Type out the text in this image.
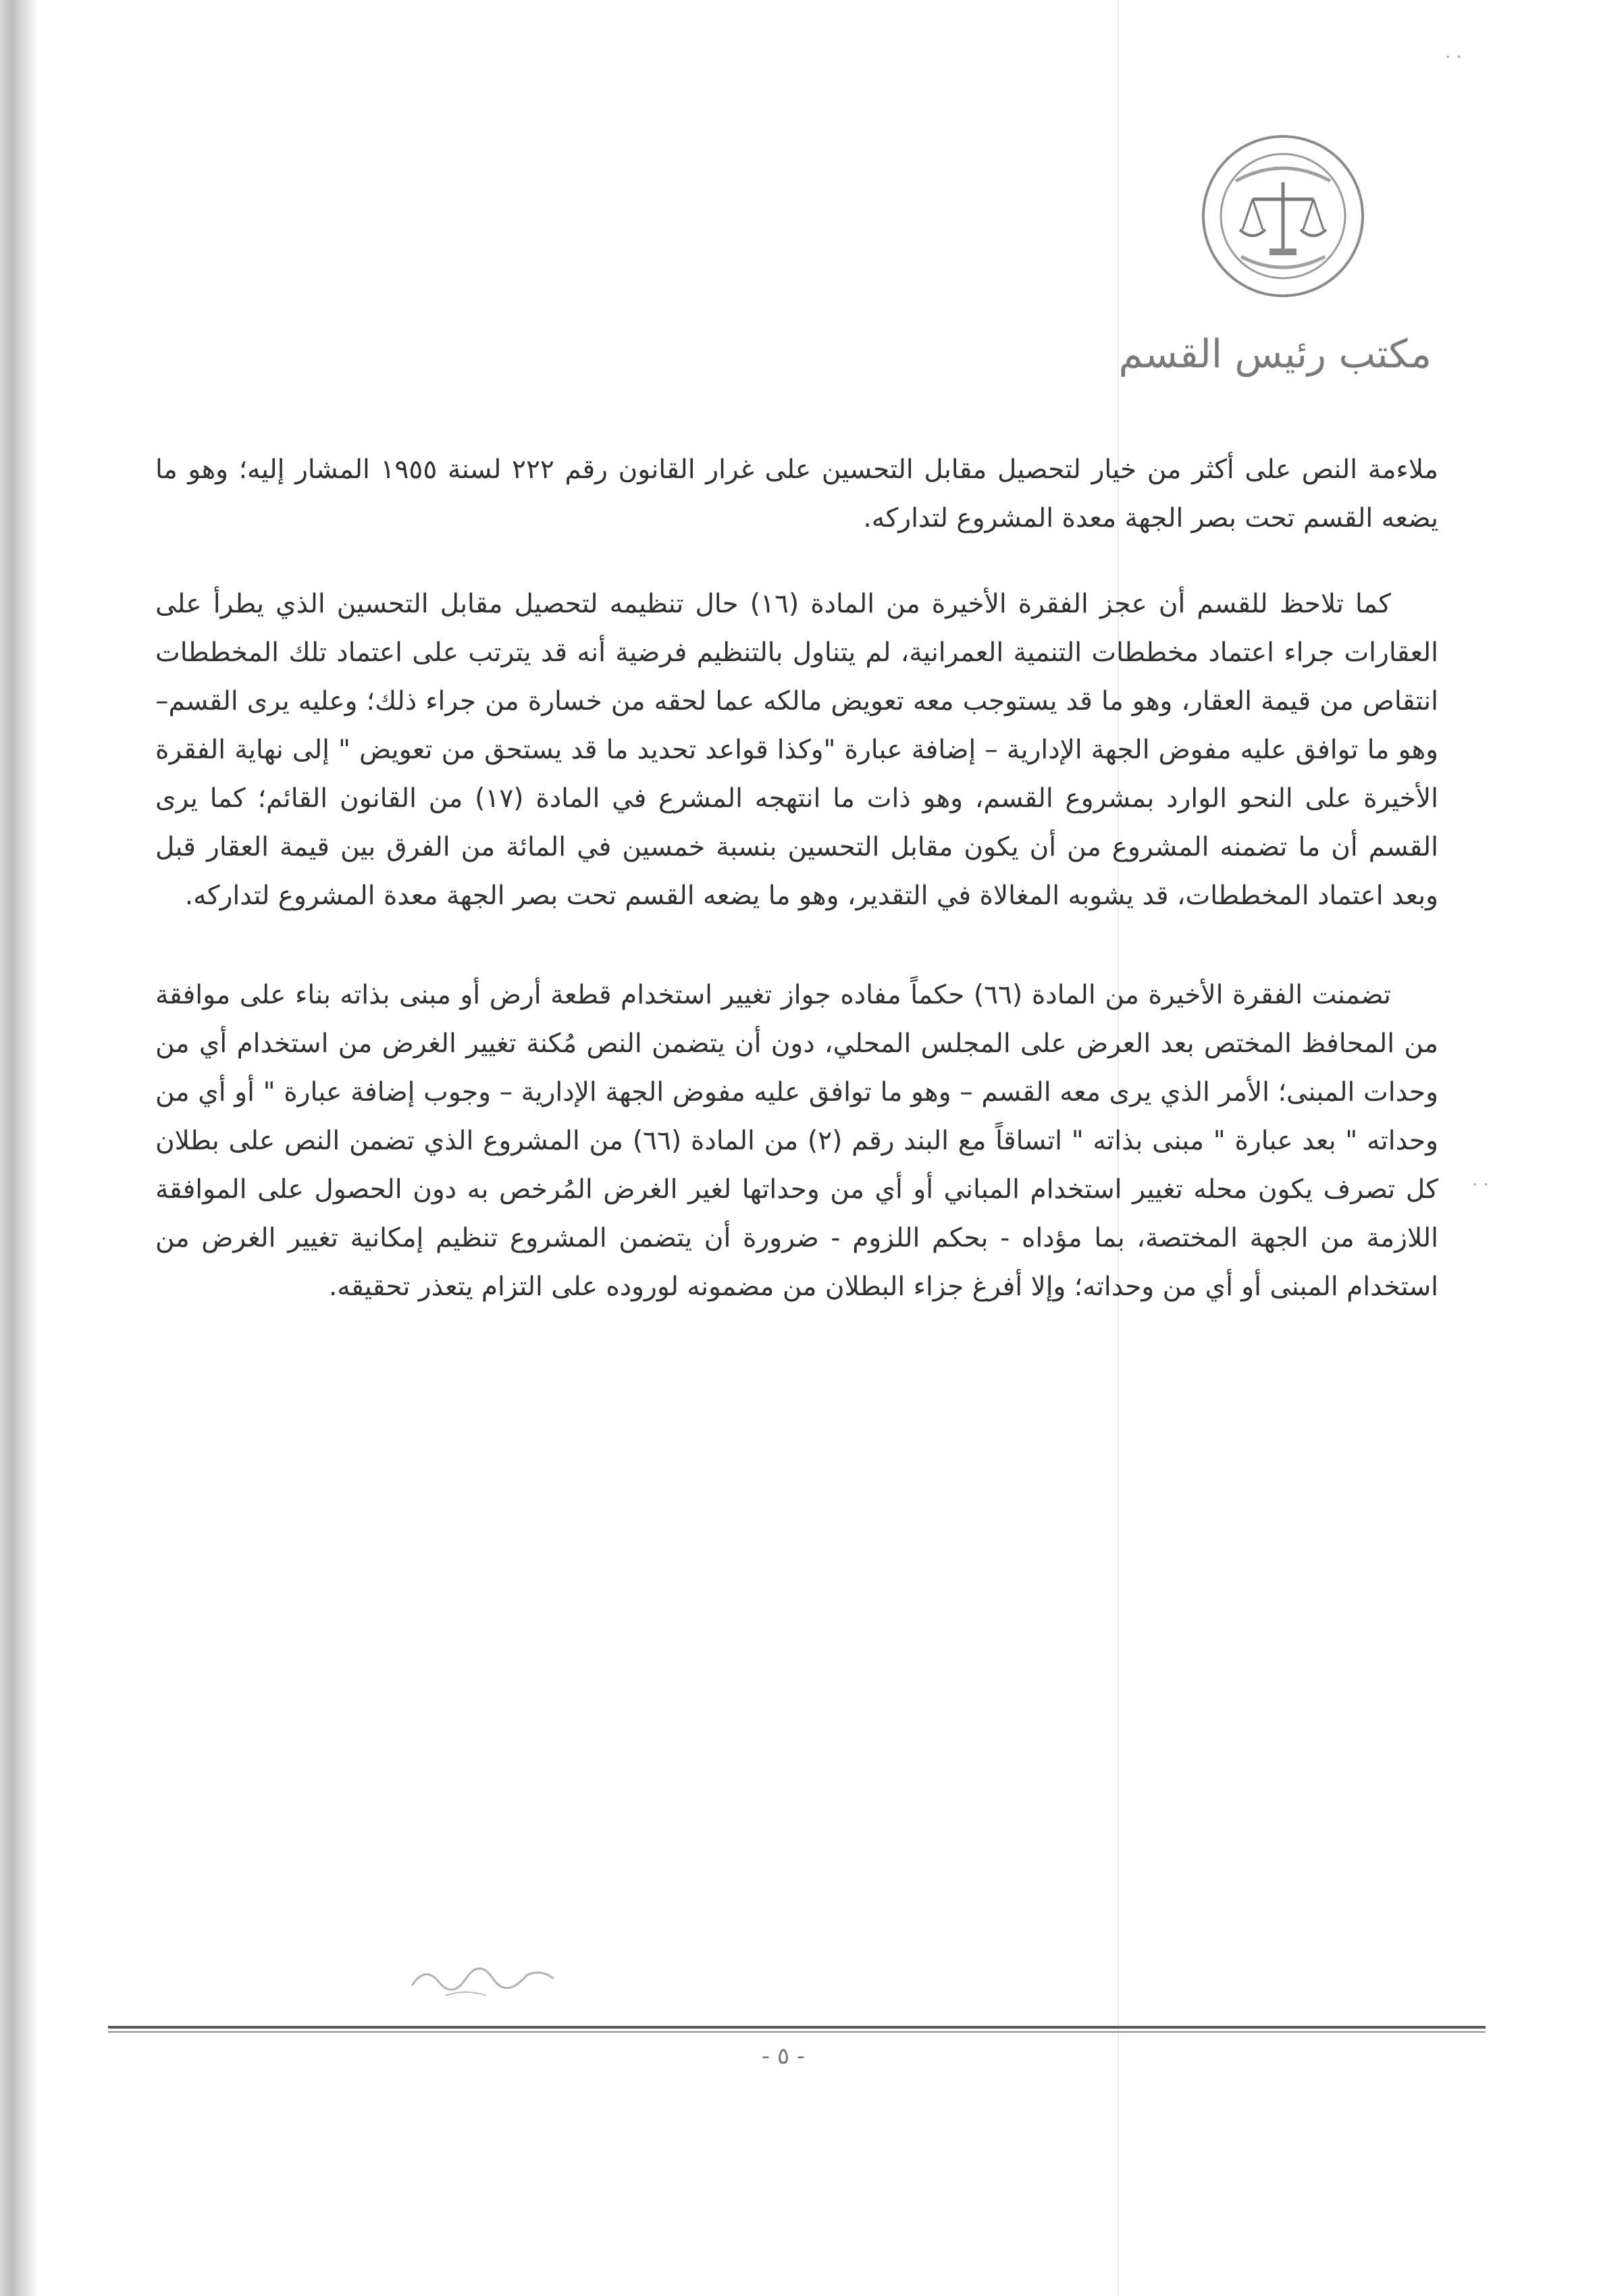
مكتب رئيس القسم

ملاءمة النص على أكثر من خيار لتحصيل مقابل التحسين على غرار القانون رقم ٢٢٢ لسنة ١٩٥٥ المشار إليه؛ وهو ما يضعه القسم تحت بصر الجهة معدة المشروع لتداركه.

كما تلاحظ للقسم أن عجز الفقرة الأخيرة من المادة (١٦) حال تنظيمه لتحصيل مقابل التحسين الذي يطرأ على العقارات جراء اعتماد مخططات التنمية العمرانية، لم يتناول بالتنظيم فرضية أنه قد يترتب على اعتماد تلك المخططات انتقاص من قيمة العقار، وهو ما قد يستوجب معه تعويض مالكه عما لحقه من خسارة من جراء ذلك؛ وعليه يرى القسم– وهو ما توافق عليه مفوض الجهة الإدارية – إضافة عبارة "وكذا قواعد تحديد ما قد يستحق من تعويض " إلى نهاية الفقرة الأخيرة على النحو الوارد بمشروع القسم، وهو ذات ما انتهجه المشرع في المادة (١٧) من القانون القائم؛ كما يرى القسم أن ما تضمنه المشروع من أن يكون مقابل التحسين بنسبة خمسين في المائة من الفرق بين قيمة العقار قبل وبعد اعتماد المخططات، قد يشوبه المغالاة في التقدير، وهو ما يضعه القسم تحت بصر الجهة معدة المشروع لتداركه.

تضمنت الفقرة الأخيرة من المادة (٦٦) حكماً مفاده جواز تغيير استخدام قطعة أرض أو مبنى بذاته بناء على موافقة من المحافظ المختص بعد العرض على المجلس المحلي، دون أن يتضمن النص مُكنة تغيير الغرض من استخدام أي من وحدات المبنى؛ الأمر الذي يرى معه القسم – وهو ما توافق عليه مفوض الجهة الإدارية – وجوب إضافة عبارة " أو أي من وحداته " بعد عبارة " مبنى بذاته " اتساقاً مع البند رقم (٢) من المادة (٦٦) من المشروع الذي تضمن النص على بطلان كل تصرف يكون محله تغيير استخدام المباني أو أي من وحداتها لغير الغرض المُرخص به دون الحصول على الموافقة اللازمة من الجهة المختصة، بما مؤداه - بحكم اللزوم - ضرورة أن يتضمن المشروع تنظيم إمكانية تغيير الغرض من استخدام المبنى أو أي من وحداته؛ وإلا أفرغ جزاء البطلان من مضمونه لوروده على التزام يتعذر تحقيقه.

- ٥ -
· ·
· ·
